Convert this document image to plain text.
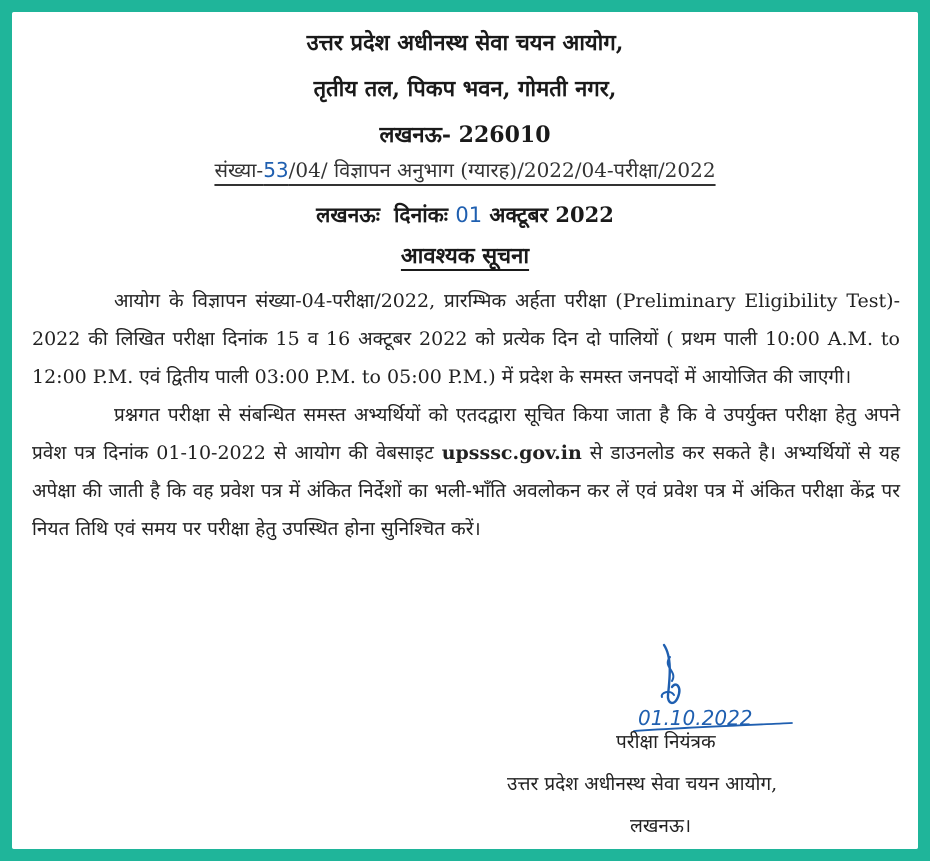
उत्तर प्रदेश अधीनस्थ सेवा चयन आयोग,
तृतीय तल, पिकप भवन, गोमती नगर,
लखनऊ- 226010
संख्या-53/04/ विज्ञापन अनुभाग (ग्यारह)/2022/04-परीक्षा/2022
लखनऊः दिनांकः 01 अक्टूबर 2022
आवश्यक सूचना

आयोग के विज्ञापन संख्या-04-परीक्षा/2022, प्रारम्भिक अर्हता परीक्षा (Preliminary Eligibility Test)- 2022 की लिखित परीक्षा दिनांक 15 व 16 अक्टूबर 2022 को प्रत्येक दिन दो पालियों ( प्रथम पाली 10:00 A.M. to 12:00 P.M. एवं द्वितीय पाली 03:00 P.M. to 05:00 P.M.) में प्रदेश के समस्त जनपदों में आयोजित की जाएगी।

प्रश्नगत परीक्षा से संबन्धित समस्त अभ्यर्थियों को एतदद्वारा सूचित किया जाता है कि वे उपर्युक्त परीक्षा हेतु अपने प्रवेश पत्र दिनांक 01-10-2022 से आयोग की वेबसाइट upsssc.gov.in से डाउनलोड कर सकते है। अभ्यर्थियों से यह अपेक्षा की जाती है कि वह प्रवेश पत्र में अंकित निर्देशों का भली-भाँति अवलोकन कर लें एवं प्रवेश पत्र में अंकित परीक्षा केंद्र पर नियत तिथि एवं समय पर परीक्षा हेतु उपस्थित होना सुनिश्चित करें।

01.10.2022
परीक्षा नियंत्रक
उत्तर प्रदेश अधीनस्थ सेवा चयन आयोग,
लखनऊ।
